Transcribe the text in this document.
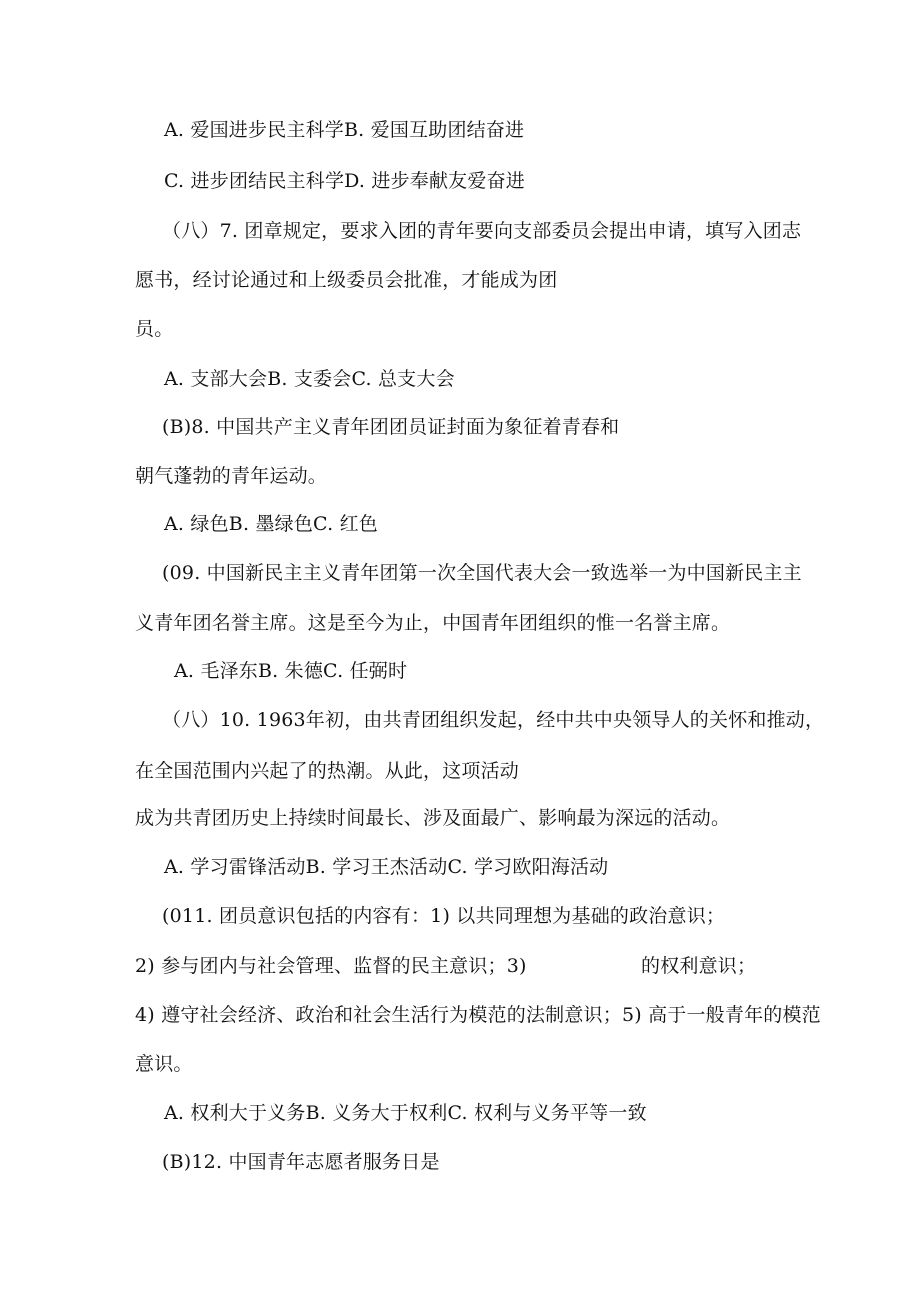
A. 爱国进步民主科学B. 爱国互助团结奋进
C. 进步团结民主科学D. 进步奉献友爱奋进
（八）7. 团章规定，要求入团的青年要向支部委员会提出申请，填写入团志
愿书，经讨论通过和上级委员会批准，才能成为团
员。
A. 支部大会B. 支委会C. 总支大会
(B)8. 中国共产主义青年团团员证封面为象征着青春和
朝气蓬勃的青年运动。
A. 绿色B. 墨绿色C. 红色
(09. 中国新民主主义青年团第一次全国代表大会一致选举一为中国新民主主
义青年团名誉主席。这是至今为止，中国青年团组织的惟一名誉主席。
A. 毛泽东B. 朱德C. 任弼时
（八）10. 1963年初，由共青团组织发起，经中共中央领导人的关怀和推动，
在全国范围内兴起了的热潮。从此，这项活动
成为共青团历史上持续时间最长、涉及面最广、影响最为深远的活动。
A. 学习雷锋活动B. 学习王杰活动C. 学习欧阳海活动
(011. 团员意识包括的内容有：1) 以共同理想为基础的政治意识；
2) 参与团内与社会管理、监督的民主意识；3)	的权利意识；
4) 遵守社会经济、政治和社会生活行为模范的法制意识；5) 高于一般青年的模范
意识。
A. 权利大于义务B. 义务大于权利C. 权利与义务平等一致
(B)12. 中国青年志愿者服务日是
